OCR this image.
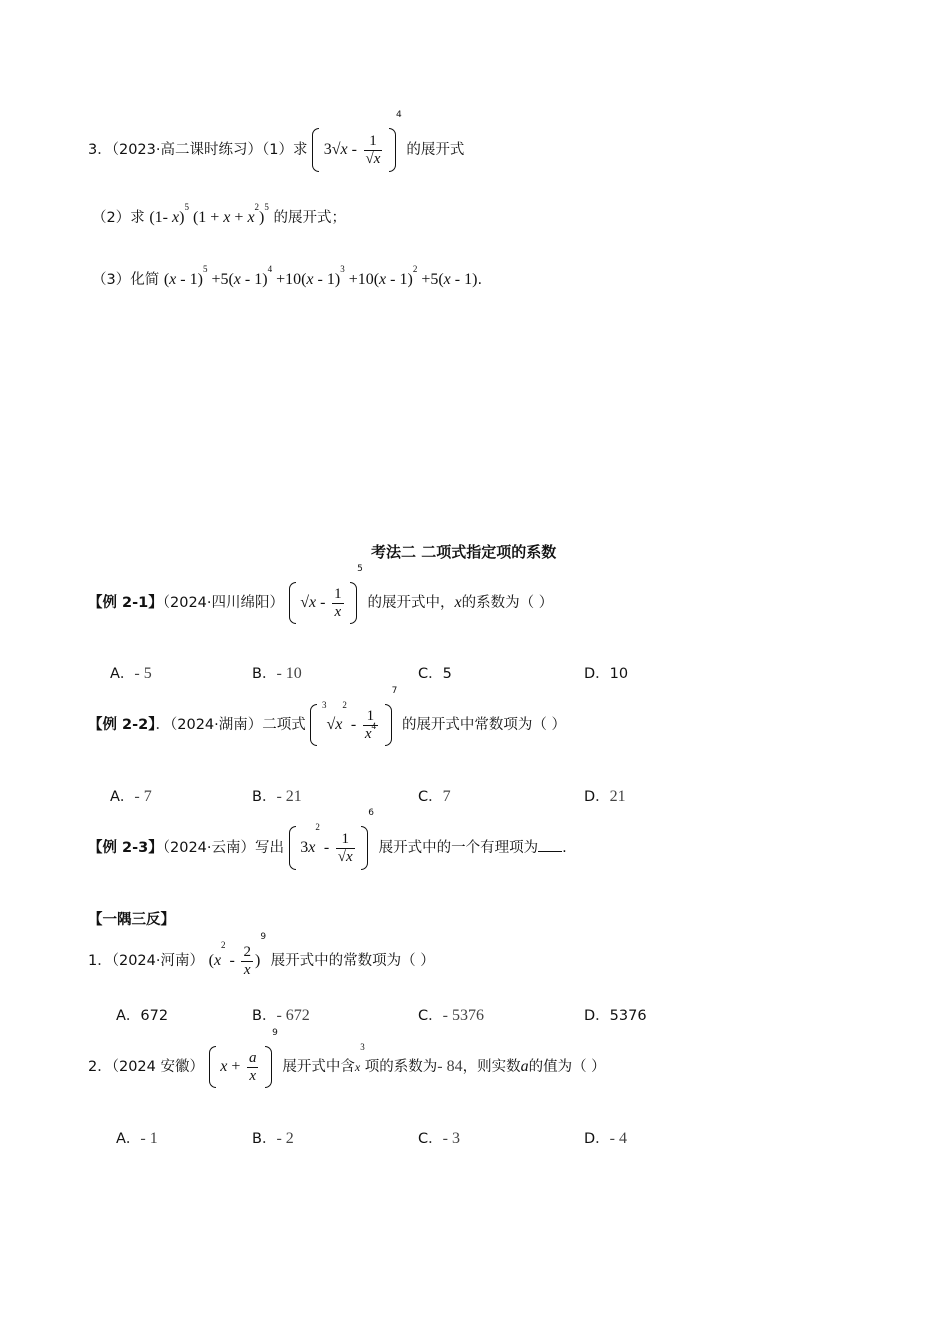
3．（2023·高二课时练习）（1）求 $3√x - \frac{1}{√x}$
$^4$ 的展开式
（2）求 (1- x)$^5$ $(1 + x + x^2)^5$ 的展开式；
（3）化简 (x - 1)$^5$ +5(x - 1)$^4$ +10(x - 1)$^3$ +10(x - 1)$^2$ +5(x - 1).
考法二 二项式指定项的系数
【例 2-1】（2024·四川绵阳） $√x - \frac{1}{x}$
$^5$ 的展开式中，x的系数为（ ）
A．- 5	B．- 10	C．5	D．10
【例 2-2】．（2024·湖南）二项式  $^3√x^2 - \frac{1}{x^4}$
$^7$ 的展开式中常数项为（ ）
A．- 7	B．- 21	C．7	D．21
【例 2-3】（2024·云南）写出 $3x^2 - \frac{1}{√x}$
$^6$ 展开式中的一个有理项为 .
【一隅三反】
1．（2024·河南） $(x^2 - \frac{2}{x} )^9$ 展开式中的常数项为（ ）
A．672	B．- 672	C．- 5376	D．5376
2．（2024 安徽） $x + \frac{a}{x}$
$^9$ 展开式中含$x^3$项的系数为- 84，则实数a的值为（ ）
A．- 1	B．- 2	C．- 3	D．- 4
